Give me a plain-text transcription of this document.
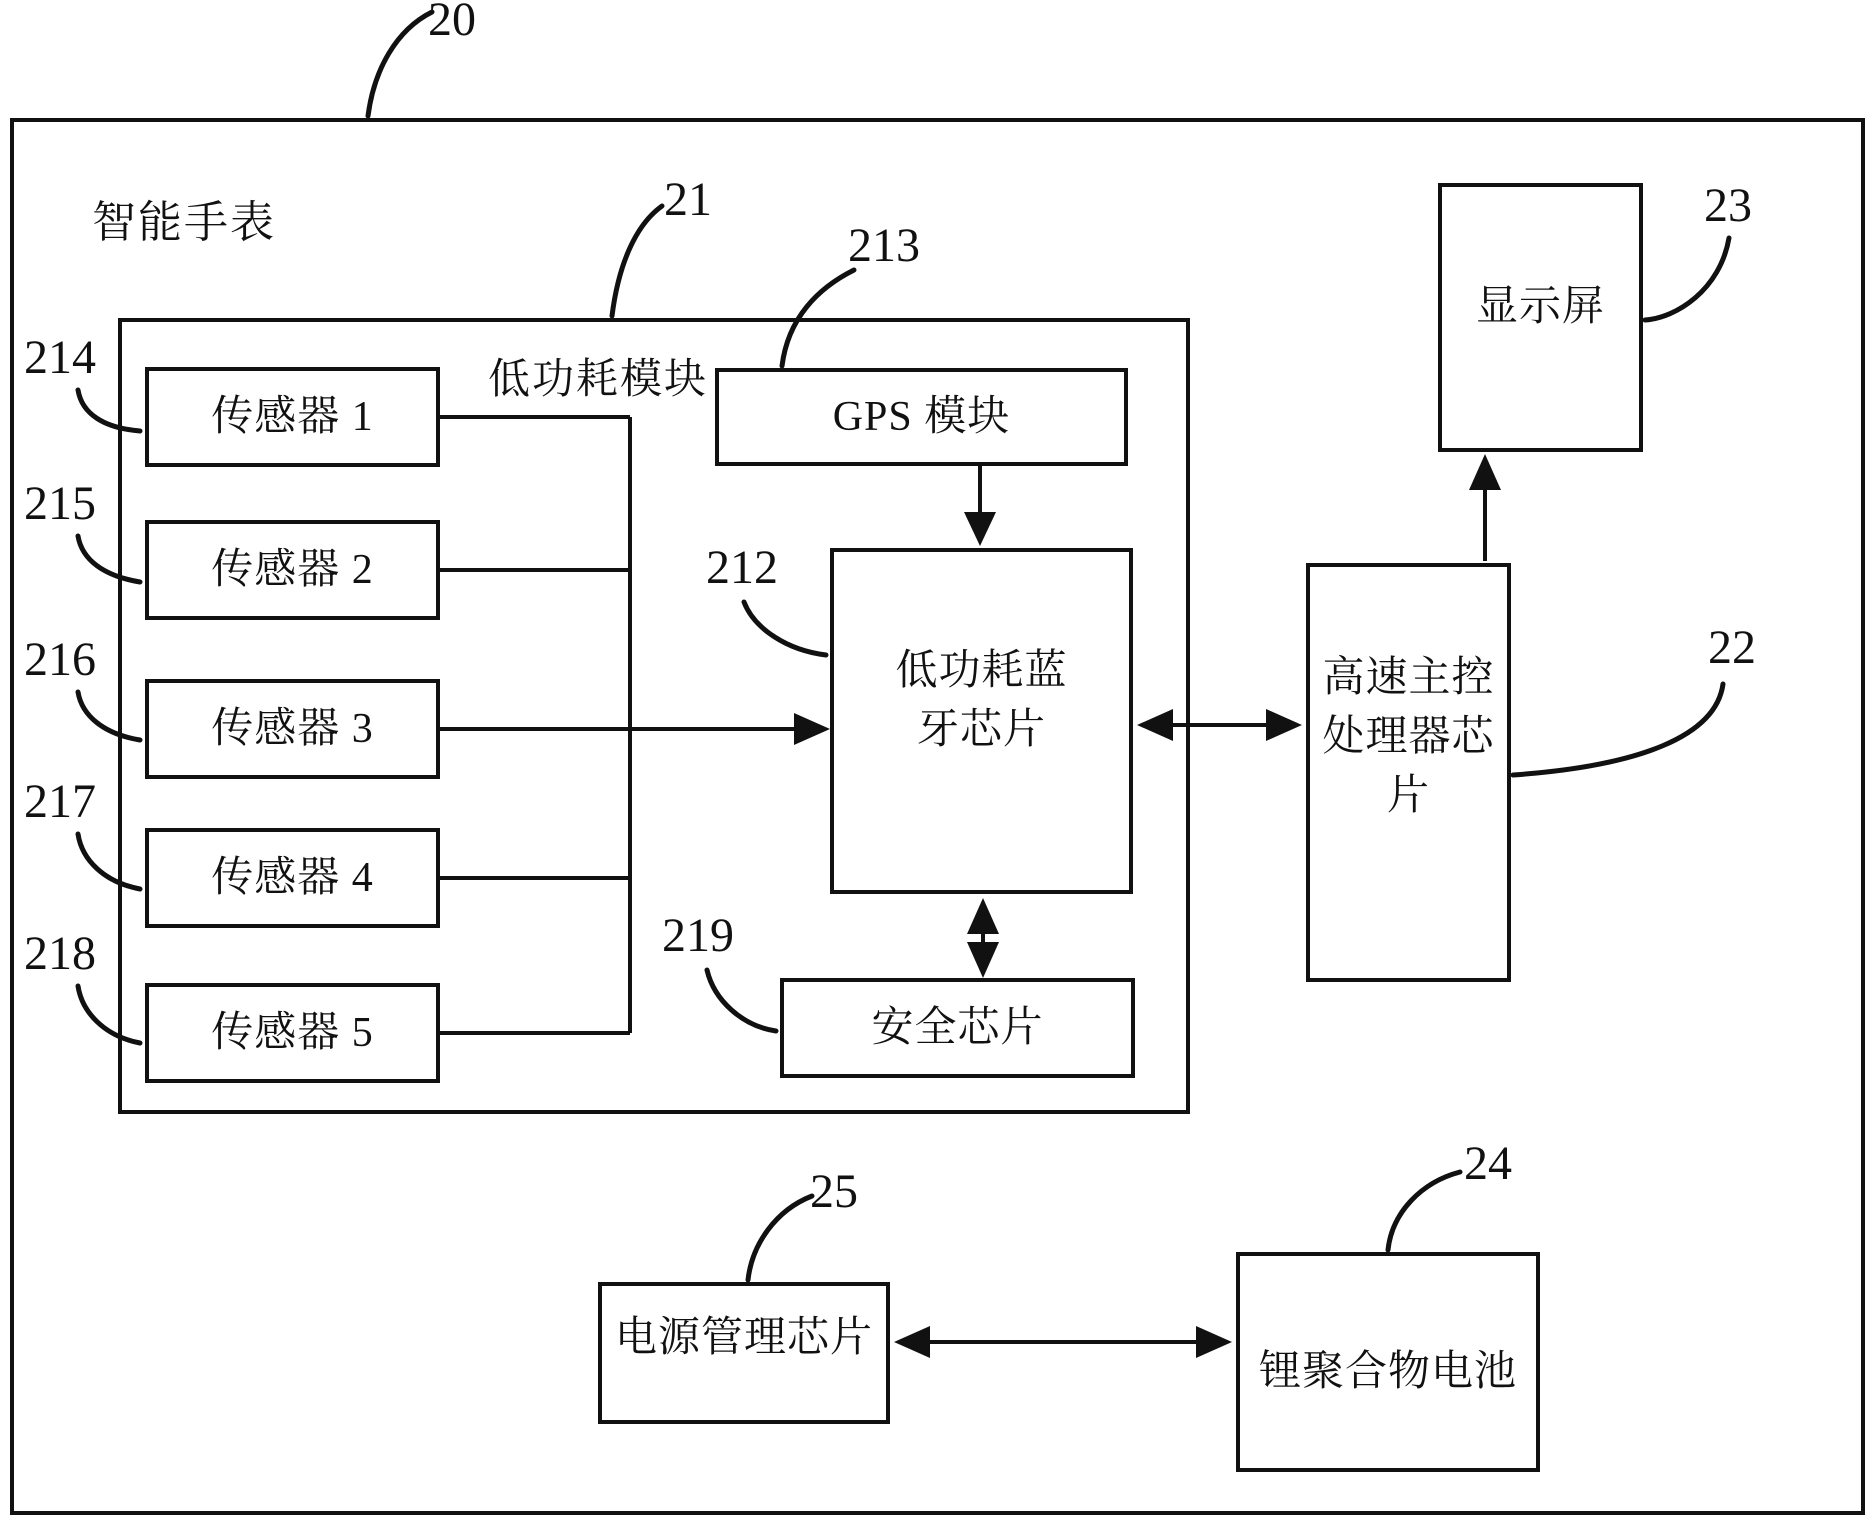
智能手表
低功耗模块
传感器 1
传感器 2
传感器 3
传感器 4
传感器 5
GPS 模块
低功耗蓝牙芯片
安全芯片
显示屏
高速主控处理器芯片
电源管理芯片
锂聚合物电池
20
21
213
212
214
215
216
217
218	219
23
22
24
25
